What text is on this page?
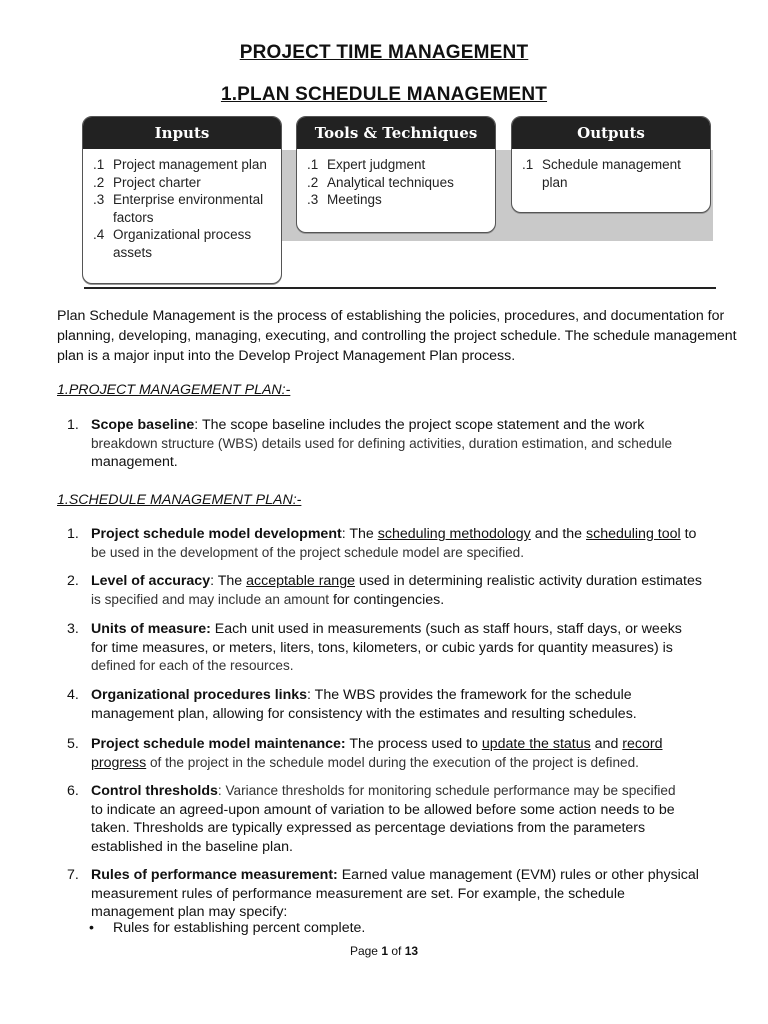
PROJECT TIME MANAGEMENT
1.PLAN SCHEDULE MANAGEMENT
Inputs
.1 Project management plan
.2 Project charter
.3 Enterprise environmental factors
.4 Organizational process assets
Tools & Techniques
.1 Expert judgment
.2 Analytical techniques
.3 Meetings
Outputs
.1 Schedule management plan
Plan Schedule Management is the process of establishing the policies, procedures, and documentation for planning, developing, managing, executing, and controlling the project schedule. The schedule management plan is a major input into the Develop Project Management Plan process.
1.PROJECT MANAGEMENT PLAN:-
1. Scope baseline: The scope baseline includes the project scope statement and the work
breakdown structure (WBS) details used for defining activities, duration estimation, and schedule
management.
1.SCHEDULE MANAGEMENT PLAN:-
1. Project schedule model development: The scheduling methodology and the scheduling tool to
be used in the development of the project schedule model are specified.
2. Level of accuracy: The acceptable range used in determining realistic activity duration estimates
is specified and may include an amount for contingencies.
3. Units of measure: Each unit used in measurements (such as staff hours, staff days, or weeks
for time measures, or meters, liters, tons, kilometers, or cubic yards for quantity measures) is
defined for each of the resources.
4. Organizational procedures links: The WBS provides the framework for the schedule
management plan, allowing for consistency with the estimates and resulting schedules.
5. Project schedule model maintenance: The process used to update the status and record
progress of the project in the schedule model during the execution of the project is defined.
6. Control thresholds: Variance thresholds for monitoring schedule performance may be specified
to indicate an agreed-upon amount of variation to be allowed before some action needs to be
taken. Thresholds are typically expressed as percentage deviations from the parameters
established in the baseline plan.
7. Rules of performance measurement: Earned value management (EVM) rules or other physical
measurement rules of performance measurement are set. For example, the schedule
management plan may specify:
• Rules for establishing percent complete.
Page 1 of 13
